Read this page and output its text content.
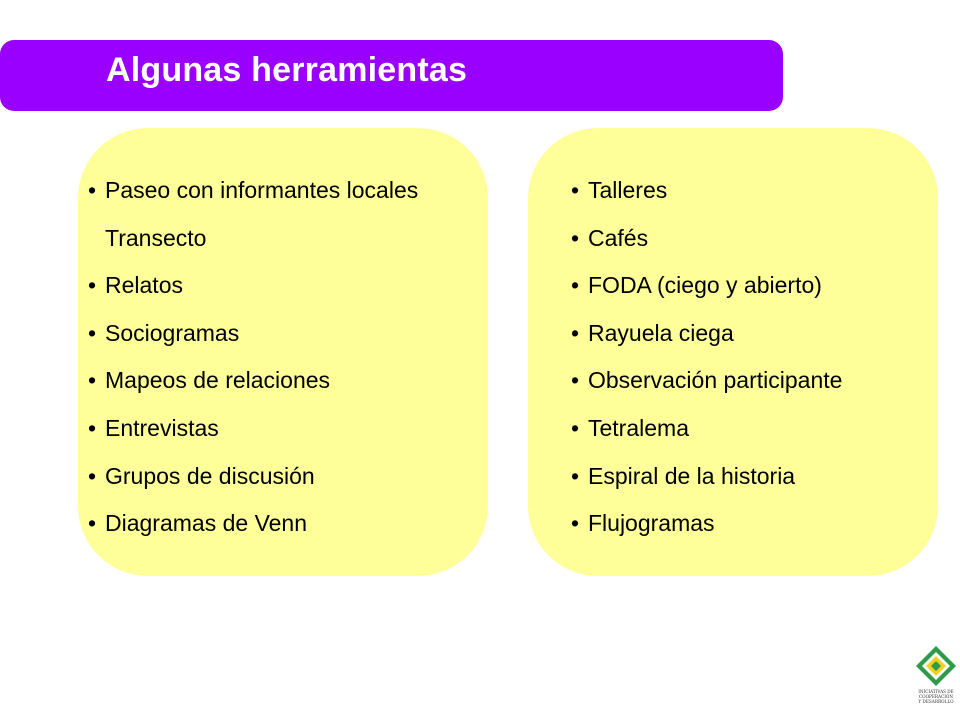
Algunas herramientas
• Paseo con informantes locales
Transecto
• Relatos
• Sociogramas
• Mapeos de relaciones
• Entrevistas
• Grupos de discusión
• Diagramas de Venn
• Talleres
• Cafés
• FODA (ciego y abierto)
• Rayuela ciega
• Observación participante
• Tetralema
• Espiral de la historia
• Flujogramas
INICIATIVAS DE
COOPERACIÓN
Y DESARROLLO
